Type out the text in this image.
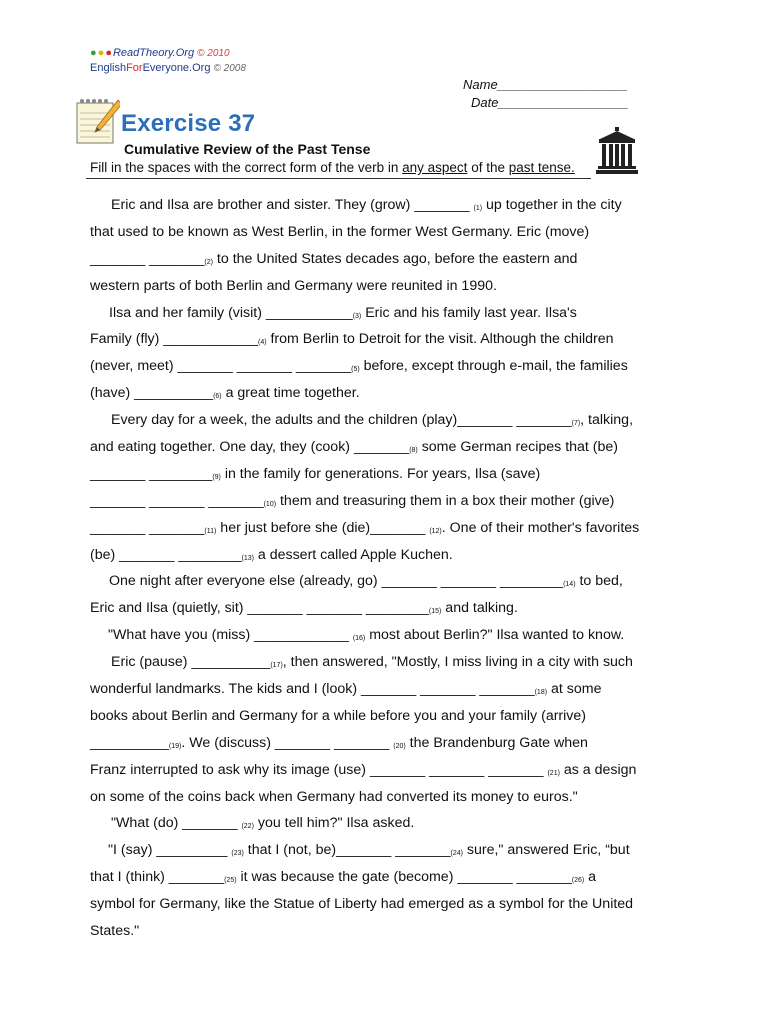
●●●ReadTheory.Org © 2010
EnglishForEveryone.Org © 2008
Name__________________
Date__________________
Exercise 37
Cumulative Review of the Past Tense
Fill in the spaces with the correct form of the verb in any aspect of the past tense.
Eric and Ilsa are brother and sister. They (grow) _______ $_{(1)}$ up together in the city
that used to be known as West Berlin, in the former West Germany. Eric (move)
_______ $\_\_\_\_\_\_\__{(2)}$ to the United States decades ago, before the eastern and
western parts of both Berlin and Germany were reunited in 1990.
Ilsa and her family (visit) $\_\_\_\_\_\_\_\_\_\_\__{(3)}$ Eric and his family last year. Ilsa's
Family (fly) $\_\_\_\_\_\_\_\_\_\_\_\__{(4)}$ from Berlin to Detroit for the visit. Although the children
(never, meet) _______ _______ $\_\_\_\_\_\_\__{(5)}$ before, except through e-mail, the families
(have) $\_\_\_\_\_\_\_\_\_\__{(6)}$ a great time together.
Every day for a week, the adults and the children (play)_______ $\_\_\_\_\_\_\__{(7)}$, talking,
and eating together. One day, they (cook) $\_\_\_\_\_\_\__{(8)}$ some German recipes that (be)
_______ $\_\_\_\_\_\_\_\__{(9)}$ in the family for generations. For years, Ilsa (save)
_______ _______ $\_\_\_\_\_\_\__{(10)}$ them and treasuring them in a box their mother (give)
_______ $\_\_\_\_\_\_\__{(11)}$ her just before she (die)_______ $_{(12)}$. One of their mother's favorites
(be) _______ $\_\_\_\_\_\_\_\__{(13)}$ a dessert called Apple Kuchen.
One night after everyone else (already, go) _______ _______ $\_\_\_\_\_\_\_\__{(14)}$ to bed,
Eric and Ilsa (quietly, sit) _______ _______ $\_\_\_\_\_\_\_\__{(15)}$ and talking.
"What have you (miss) ____________ $_{(16)}$ most about Berlin?" Ilsa wanted to know.
Eric (pause) $\_\_\_\_\_\_\_\_\_\__{(17)}$, then answered, "Mostly, I miss living in a city with such
wonderful landmarks. The kids and I (look) _______ _______ $\_\_\_\_\_\_\__{(18)}$ at some
books about Berlin and Germany for a while before you and your family (arrive)
$\_\_\_\_\_\_\_\_\_\__{(19)}$. We (discuss) _______ _______ $_{(20)}$ the Brandenburg Gate when
Franz interrupted to ask why its image (use) _______ _______ _______ $_{(21)}$ as a design
on some of the coins back when Germany had converted its money to euros."
"What (do) _______ $_{(22)}$ you tell him?" Ilsa asked.
"I (say) _________ $_{(23)}$ that I (not, be)_______ $\_\_\_\_\_\_\__{(24)}$ sure," answered Eric, “but
that I (think) $\_\_\_\_\_\_\__{(25)}$ it was because the gate (become) _______ $\_\_\_\_\_\_\__{(26)}$ a
symbol for Germany, like the Statue of Liberty had emerged as a symbol for the United
States."
